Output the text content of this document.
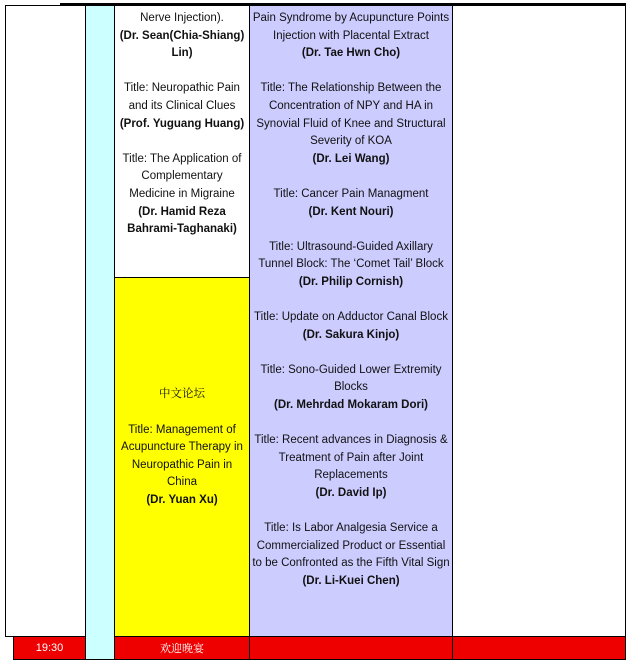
Nerve Injection).
(Dr. Sean(Chia-Shiang) Lin)
Title: Neuropathic Pain and its Clinical Clues
(Prof. Yuguang Huang)
Title: The Application of Complementary Medicine in Migraine
(Dr. Hamid Reza Bahrami-Taghanaki)
中文论坛
Title: Management of Acupuncture Therapy in Neuropathic Pain in China
(Dr. Yuan Xu)
Pain Syndrome by Acupuncture Points Injection with Placental Extract
(Dr. Tae Hwn Cho)
Title: The Relationship Between the Concentration of NPY and HA in Synovial Fluid of Knee and Structural Severity of KOA
(Dr. Lei Wang)
Title: Cancer Pain Managment
(Dr. Kent Nouri)
Title: Ultrasound-Guided Axillary Tunnel Block: The ‘Comet Tail’ Block
(Dr. Philip Cornish)
Title: Update on Adductor Canal Block
(Dr. Sakura Kinjo)
Title: Sono-Guided Lower Extremity Blocks
(Dr. Mehrdad Mokaram Dori)
Title: Recent advances in Diagnosis & Treatment of Pain after Joint Replacements
(Dr. David Ip)
Title: Is Labor Analgesia Service a Commercialized Product or Essential to be Confronted as the Fifth Vital Sign
(Dr. Li-Kuei Chen)
19:30	欢迎晚宴
